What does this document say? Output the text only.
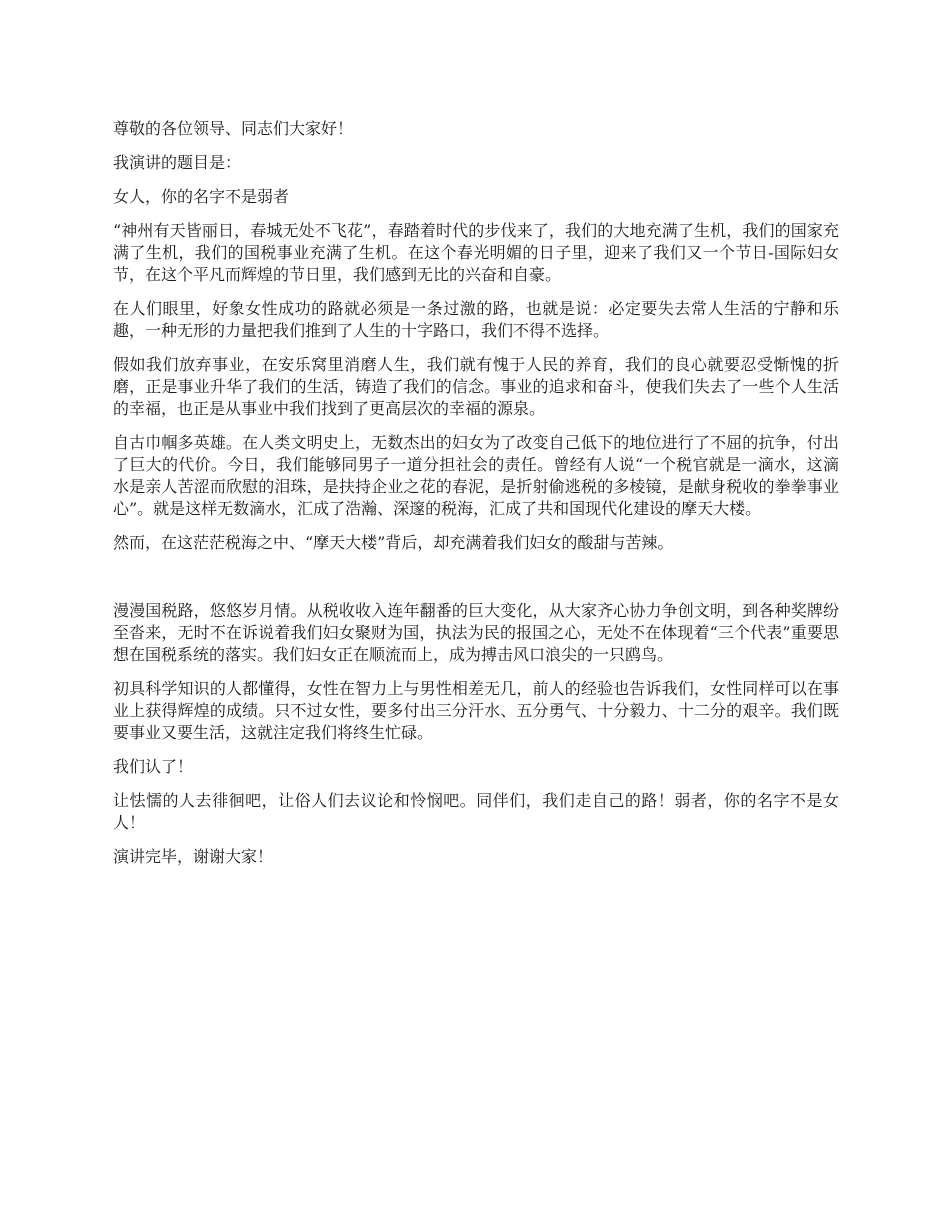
尊敬的各位领导、同志们大家好！

我演讲的题目是：

女人，你的名字不是弱者

“神州有天皆丽日，春城无处不飞花”，春踏着时代的步伐来了，我们的大地充满了生机，我们的国家充满了生机，我们的国税事业充满了生机。在这个春光明媚的日子里，迎来了我们又一个节日-国际妇女节，在这个平凡而辉煌的节日里，我们感到无比的兴奋和自豪。

在人们眼里，好象女性成功的路就必须是一条过激的路，也就是说：必定要失去常人生活的宁静和乐趣，一种无形的力量把我们推到了人生的十字路口，我们不得不选择。

假如我们放弃事业，在安乐窝里消磨人生，我们就有愧于人民的养育，我们的良心就要忍受惭愧的折磨，正是事业升华了我们的生活，铸造了我们的信念。事业的追求和奋斗，使我们失去了一些个人生活的幸福，也正是从事业中我们找到了更高层次的幸福的源泉。

自古巾帼多英雄。在人类文明史上，无数杰出的妇女为了改变自己低下的地位进行了不屈的抗争，付出了巨大的代价。今日，我们能够同男子一道分担社会的责任。曾经有人说“一个税官就是一滴水，这滴水是亲人苦涩而欣慰的泪珠，是扶持企业之花的春泥，是折射偷逃税的多棱镜，是献身税收的拳拳事业心”。就是这样无数滴水，汇成了浩瀚、深邃的税海，汇成了共和国现代化建设的摩天大楼。

然而，在这茫茫税海之中、“摩天大楼”背后，却充满着我们妇女的酸甜与苦辣。

漫漫国税路，悠悠岁月情。从税收收入连年翻番的巨大变化，从大家齐心协力争创文明，到各种奖牌纷至沓来，无时不在诉说着我们妇女聚财为国，执法为民的报国之心，无处不在体现着“三个代表”重要思想在国税系统的落实。我们妇女正在顺流而上，成为搏击风口浪尖的一只鸥鸟。

初具科学知识的人都懂得，女性在智力上与男性相差无几，前人的经验也告诉我们，女性同样可以在事业上获得辉煌的成绩。只不过女性，要多付出三分汗水、五分勇气、十分毅力、十二分的艰辛。我们既要事业又要生活，这就注定我们将终生忙碌。

我们认了！

让怯懦的人去徘徊吧，让俗人们去议论和怜悯吧。同伴们，我们走自己的路！弱者，你的名字不是女人！

演讲完毕，谢谢大家！
